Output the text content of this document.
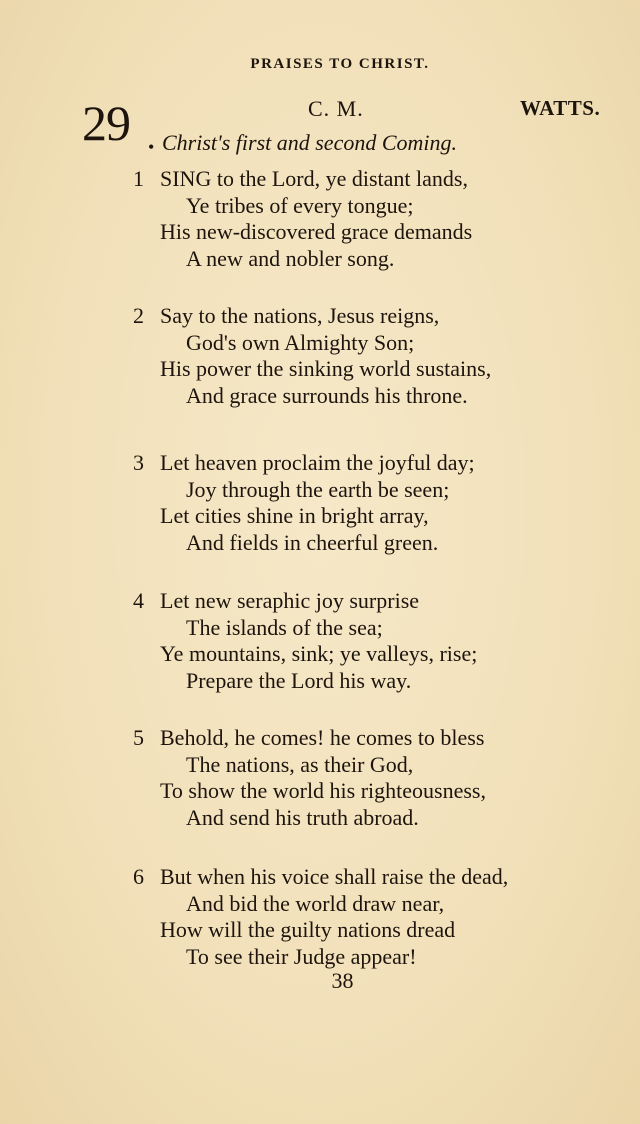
PRAISES TO CHRIST.
29 •
C. M.	WATTS.
Christ's first and second Coming.
1 SING to the Lord, ye distant lands,
Ye tribes of every tongue;
His new-discovered grace demands
A new and nobler song.
2 Say to the nations, Jesus reigns,
God's own Almighty Son;
His power the sinking world sustains,
And grace surrounds his throne.
3 Let heaven proclaim the joyful day;
Joy through the earth be seen;
Let cities shine in bright array,
And fields in cheerful green.
4 Let new seraphic joy surprise
The islands of the sea;
Ye mountains, sink; ye valleys, rise;
Prepare the Lord his way.
5 Behold, he comes! he comes to bless
The nations, as their God,
To show the world his righteousness,
And send his truth abroad.
6 But when his voice shall raise the dead,
And bid the world draw near,
How will the guilty nations dread
To see their Judge appear!
38
